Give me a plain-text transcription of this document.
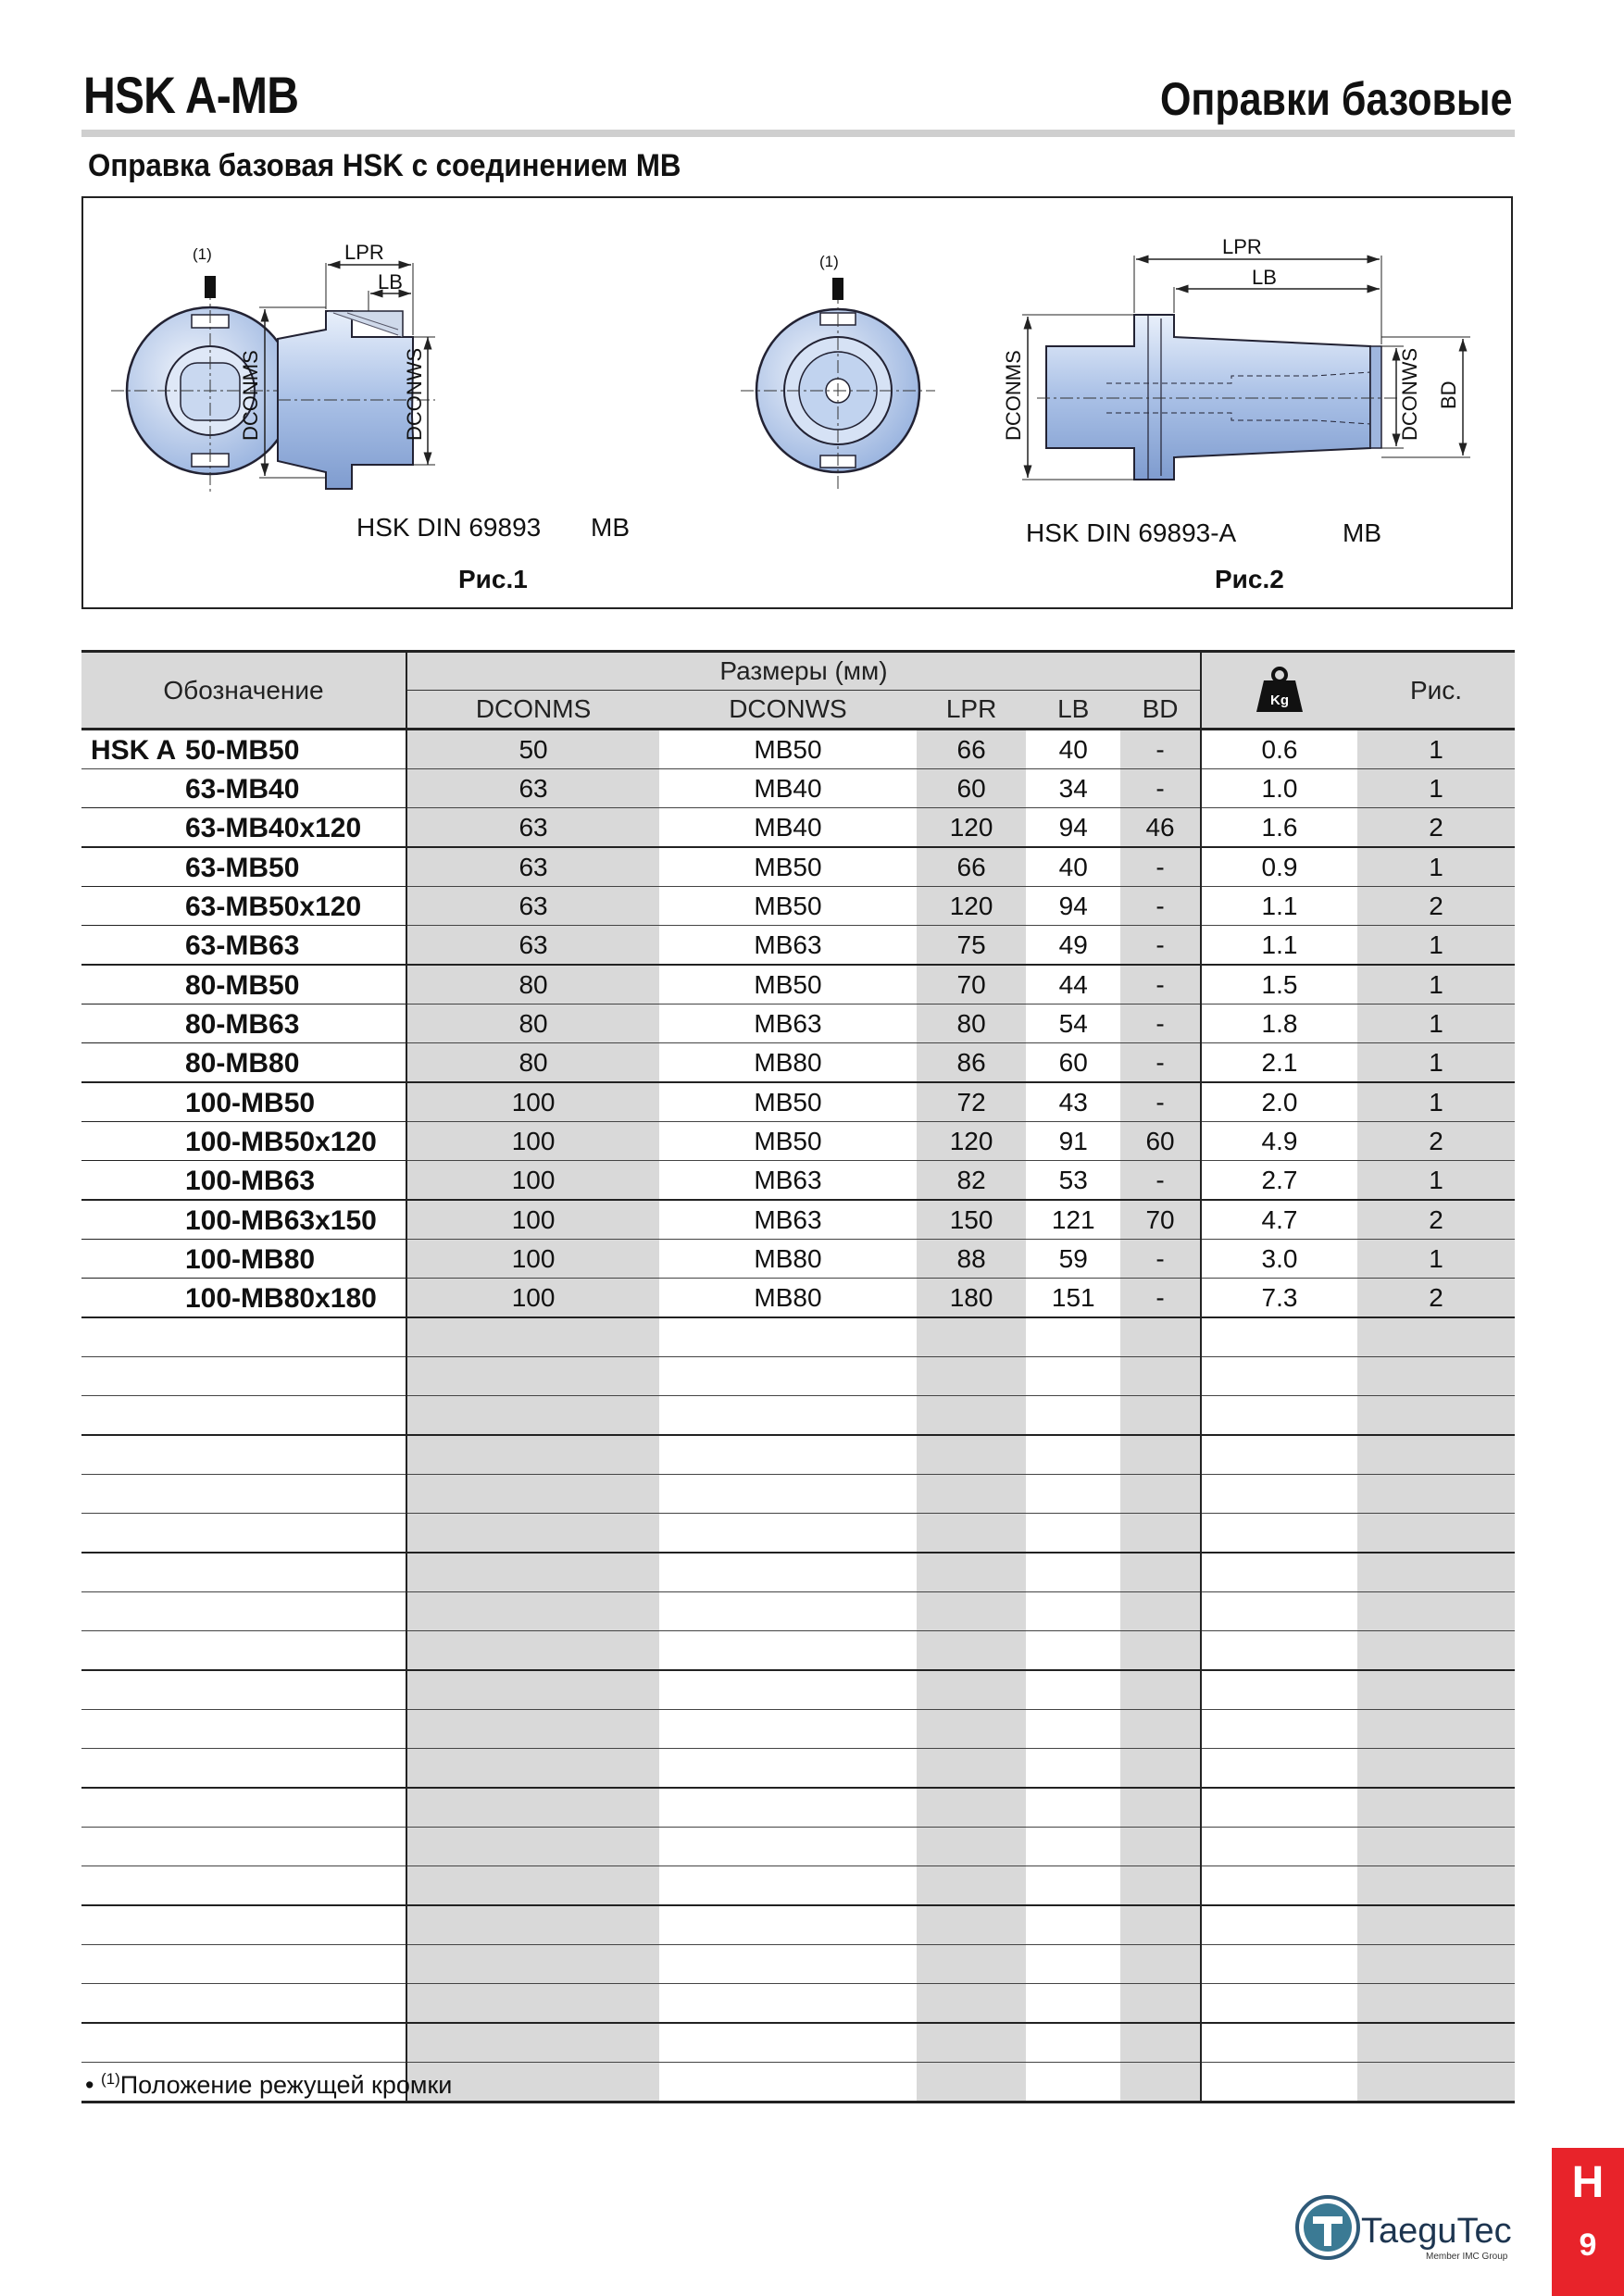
HSK A-MB	Оправки базовые
Оправка базовая HSK с соединением MB
(1)	LPR
LB
DCONMS	DCONWS
(1)
LPR
LB
DCONMS	DCONWS BD
HSK DIN 69893 MB
Рис.1
HSK DIN 69893-A	MB
Рис.2
Обозначение	Размеры (мм)					Kg	Рис.
	DCONMS	DCONWS	LPR	LB	BD		

HSK A 50-MB50	50	MB50	66	40	-	0.6	1

63-MB40	63	MB40	60	34	-	1.0	1

63-MB40x120	63	MB40	120	94	46	1.6	2

63-MB50	63	MB50	66	40	-	0.9	1

63-MB50x120	63	MB50	120	94	-	1.1	2

63-MB63	63	MB63	75	49	-	1.1	1

80-MB50	80	MB50	70	44	-	1.5	1

80-MB63	80	MB63	80	54	-	1.8	1

80-MB80	80	MB80	86	60	-	2.1	1

100-MB50	100	MB50	72	43	-	2.0	1

100-MB50x120	100	MB50	120	91	60	4.9	2

100-MB63	100	MB63	82	53	-	2.7	1

100-MB63x150	100	MB63	150	121	70	4.7	2

100-MB80	100	MB80	88	59	-	3.0	1

100-MB80x180	100	MB80	180	151	-	7.3	2

• $^{(1)}$Положение режущей кромки
TaeguTec
Member IMC Group
H
9
